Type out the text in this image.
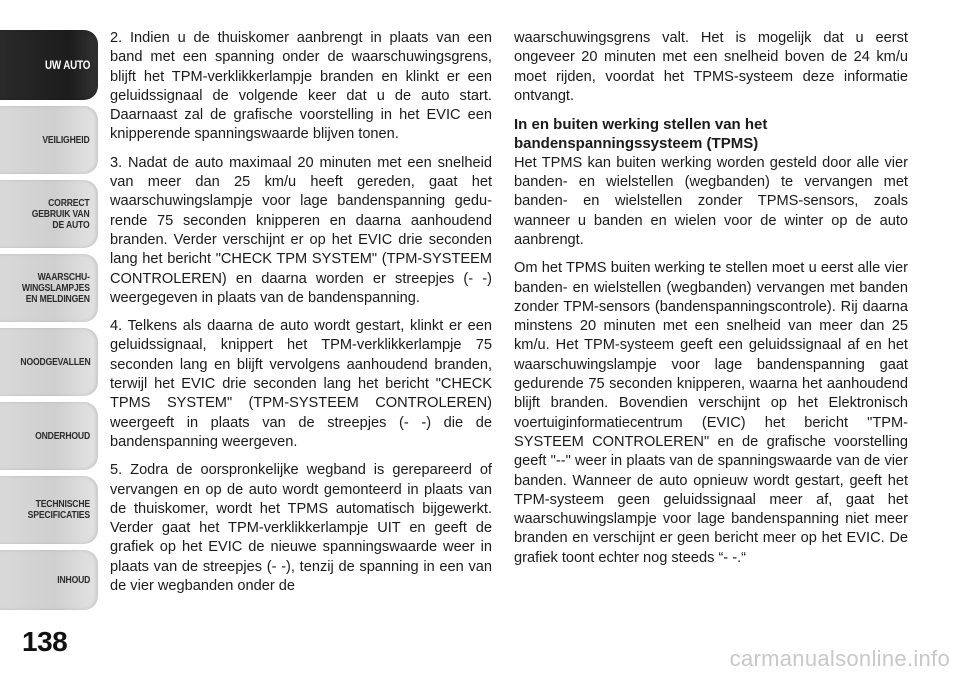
UW AUTO
VEILIGHEID
CORRECT
GEBRUIK VAN
DE AUTO
WAARSCHU-
WINGSLAMPJES
EN MELDINGEN
NOODGEVALLEN
ONDERHOUD
TECHNISCHE
SPECIFICATIES
INHOUD
138

2. Indien u de thuiskomer aanbrengt in plaats van een band met een spanning onder de waarschuwingsgrens, blijft het TPM-verklikkerlampje branden en klinkt er een geluidssignaal de volgende keer dat u de auto start. Daarnaast zal de grafische voorstelling in het EVIC een knipperende spanningswaarde blijven tonen.

3. Nadat de auto maximaal 20 minuten met een snelheid van meer dan 25 km/u heeft gereden, gaat het waarschuwingslampje voor lage bandenspanning gedurende 75 seconden knipperen en daarna aanhoudend branden. Verder verschijnt er op het EVIC drie seconden lang het bericht "CHECK TPM SYSTEM" (TPM-SYSTEEM CONTROLEREN) en daarna worden er streepjes (- -) weergegeven in plaats van de bandenspanning.

4. Telkens als daarna de auto wordt gestart, klinkt er een geluidssignaal, knippert het TPM-verklikkerlampje 75 seconden lang en blijft vervolgens aanhoudend branden, terwijl het EVIC drie seconden lang het bericht "CHECK TPMS SYSTEM" (TPM-SYSTEEM CONTROLEREN) weergeeft in plaats van de streepjes (- -) die de bandenspanning weergeven.

5. Zodra de oorspronkelijke wegband is gerepareerd of vervangen en op de auto wordt gemonteerd in plaats van de thuiskomer, wordt het TPMS automatisch bijgewerkt. Verder gaat het TPM-verklikkerlampje UIT en geeft de grafiek op het EVIC de nieuwe spanningswaarde weer in plaats van de streepjes (- -), tenzij de spanning in een van de vier wegbanden onder de

waarschuwingsgrens valt. Het is mogelijk dat u eerst ongeveer 20 minuten met een snelheid boven de 24 km/u moet rijden, voordat het TPMS-systeem deze informatie ontvangt.

In en buiten werking stellen van het bandenspanningssysteem (TPMS)

Het TPMS kan buiten werking worden gesteld door alle vier banden- en wielstellen (wegbanden) te vervangen met banden- en wielstellen zonder TPMS-sensors, zoals wanneer u banden en wielen voor de winter op de auto aanbrengt.

Om het TPMS buiten werking te stellen moet u eerst alle vier banden- en wielstellen (wegbanden) vervangen met banden zonder TPM-sensors (bandenspanningscontrole). Rij daarna minstens 20 minuten met een snelheid van meer dan 25 km/u. Het TPM-systeem geeft een geluidssignaal af en het waarschuwingslampje voor lage bandenspanning gaat gedurende 75 seconden knipperen, waarna het aanhoudend blijft branden. Bovendien verschijnt op het Elektronisch voertuiginformatiecentrum (EVIC) het bericht "TPM-SYSTEEM CONTROLEREN" en de grafische voorstelling geeft "--" weer in plaats van de spanningswaarde van de vier banden. Wanneer de auto opnieuw wordt gestart, geeft het TPM-systeem geen geluidssignaal meer af, gaat het waarschuwingslampje voor lage bandenspanning niet meer branden en verschijnt er geen bericht meer op het EVIC. De grafiek toont echter nog steeds “- -.“

carmanualsonline.info
